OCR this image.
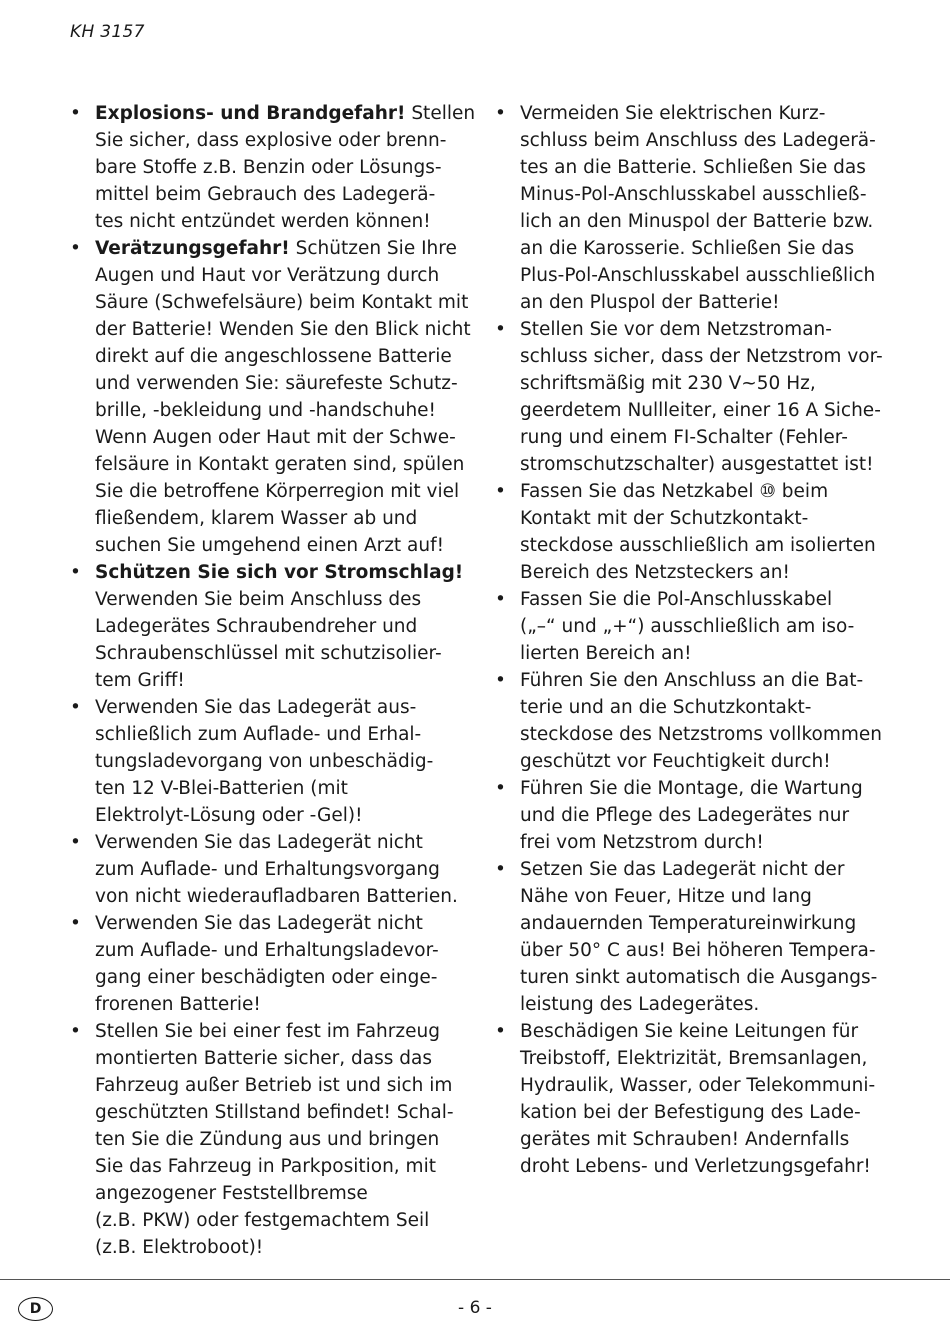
KH 3157
• Explosions- und Brandgefahr! Stellen
Sie sicher, dass explosive oder brenn-
bare Stoffe z.B. Benzin oder Lösungs-
mittel beim Gebrauch des Ladegerä-
tes nicht entzündet werden können!
• Verätzungsgefahr! Schützen Sie Ihre
Augen und Haut vor Verätzung durch
Säure (Schwefelsäure) beim Kontakt mit
der Batterie! Wenden Sie den Blick nicht
direkt auf die angeschlossene Batterie
und verwenden Sie: säurefeste Schutz-
brille, -bekleidung und -handschuhe!
Wenn Augen oder Haut mit der Schwe-
felsäure in Kontakt geraten sind, spülen
Sie die betroffene Körperregion mit viel
fließendem, klarem Wasser ab und
suchen Sie umgehend einen Arzt auf!
• Schützen Sie sich vor Stromschlag!
Verwenden Sie beim Anschluss des
Ladegerätes Schraubendreher und
Schraubenschlüssel mit schutzisolier-
tem Griff!
• Verwenden Sie das Ladegerät aus-
schließlich zum Auflade- und Erhal-
tungsladevorgang von unbeschädig-
ten 12 V-Blei-Batterien (mit
Elektrolyt-Lösung oder -Gel)!
• Verwenden Sie das Ladegerät nicht
zum Auflade- und Erhaltungsvorgang
von nicht wiederaufladbaren Batterien.
• Verwenden Sie das Ladegerät nicht
zum Auflade- und Erhaltungsladevor-
gang einer beschädigten oder einge-
frorenen Batterie!
• Stellen Sie bei einer fest im Fahrzeug
montierten Batterie sicher, dass das
Fahrzeug außer Betrieb ist und sich im
geschützten Stillstand befindet! Schal-
ten Sie die Zündung aus und bringen
Sie das Fahrzeug in Parkposition, mit
angezogener Feststellbremse
(z.B. PKW) oder festgemachtem Seil
(z.B. Elektroboot)!
• Vermeiden Sie elektrischen Kurz-
schluss beim Anschluss des Ladegerä-
tes an die Batterie. Schließen Sie das
Minus-Pol-Anschlusskabel ausschließ-
lich an den Minuspol der Batterie bzw.
an die Karosserie. Schließen Sie das
Plus-Pol-Anschlusskabel ausschließlich
an den Pluspol der Batterie!
• Stellen Sie vor dem Netzstroman-
schluss sicher, dass der Netzstrom vor-
schriftsmäßig mit 230 V~50 Hz,
geerdetem Nullleiter, einer 16 A Siche-
rung und einem FI-Schalter (Fehler-
stromschutzschalter) ausgestattet ist!
• Fassen Sie das Netzkabel ⑩ beim
Kontakt mit der Schutzkontakt-
steckdose ausschließlich am isolierten
Bereich des Netzsteckers an!
• Fassen Sie die Pol-Anschlusskabel
(„–“ und „+“) ausschließlich am iso-
lierten Bereich an!
• Führen Sie den Anschluss an die Bat-
terie und an die Schutzkontakt-
steckdose des Netzstroms vollkommen
geschützt vor Feuchtigkeit durch!
• Führen Sie die Montage, die Wartung
und die Pflege des Ladegerätes nur
frei vom Netzstrom durch!
• Setzen Sie das Ladegerät nicht der
Nähe von Feuer, Hitze und lang
andauernden Temperatureinwirkung
über 50° C aus! Bei höheren Tempera-
turen sinkt automatisch die Ausgangs-
leistung des Ladegerätes.
• Beschädigen Sie keine Leitungen für
Treibstoff, Elektrizität, Bremsanlagen,
Hydraulik, Wasser, oder Telekommuni-
kation bei der Befestigung des Lade-
gerätes mit Schrauben! Andernfalls
droht Lebens- und Verletzungsgefahr!
D	- 6 -
